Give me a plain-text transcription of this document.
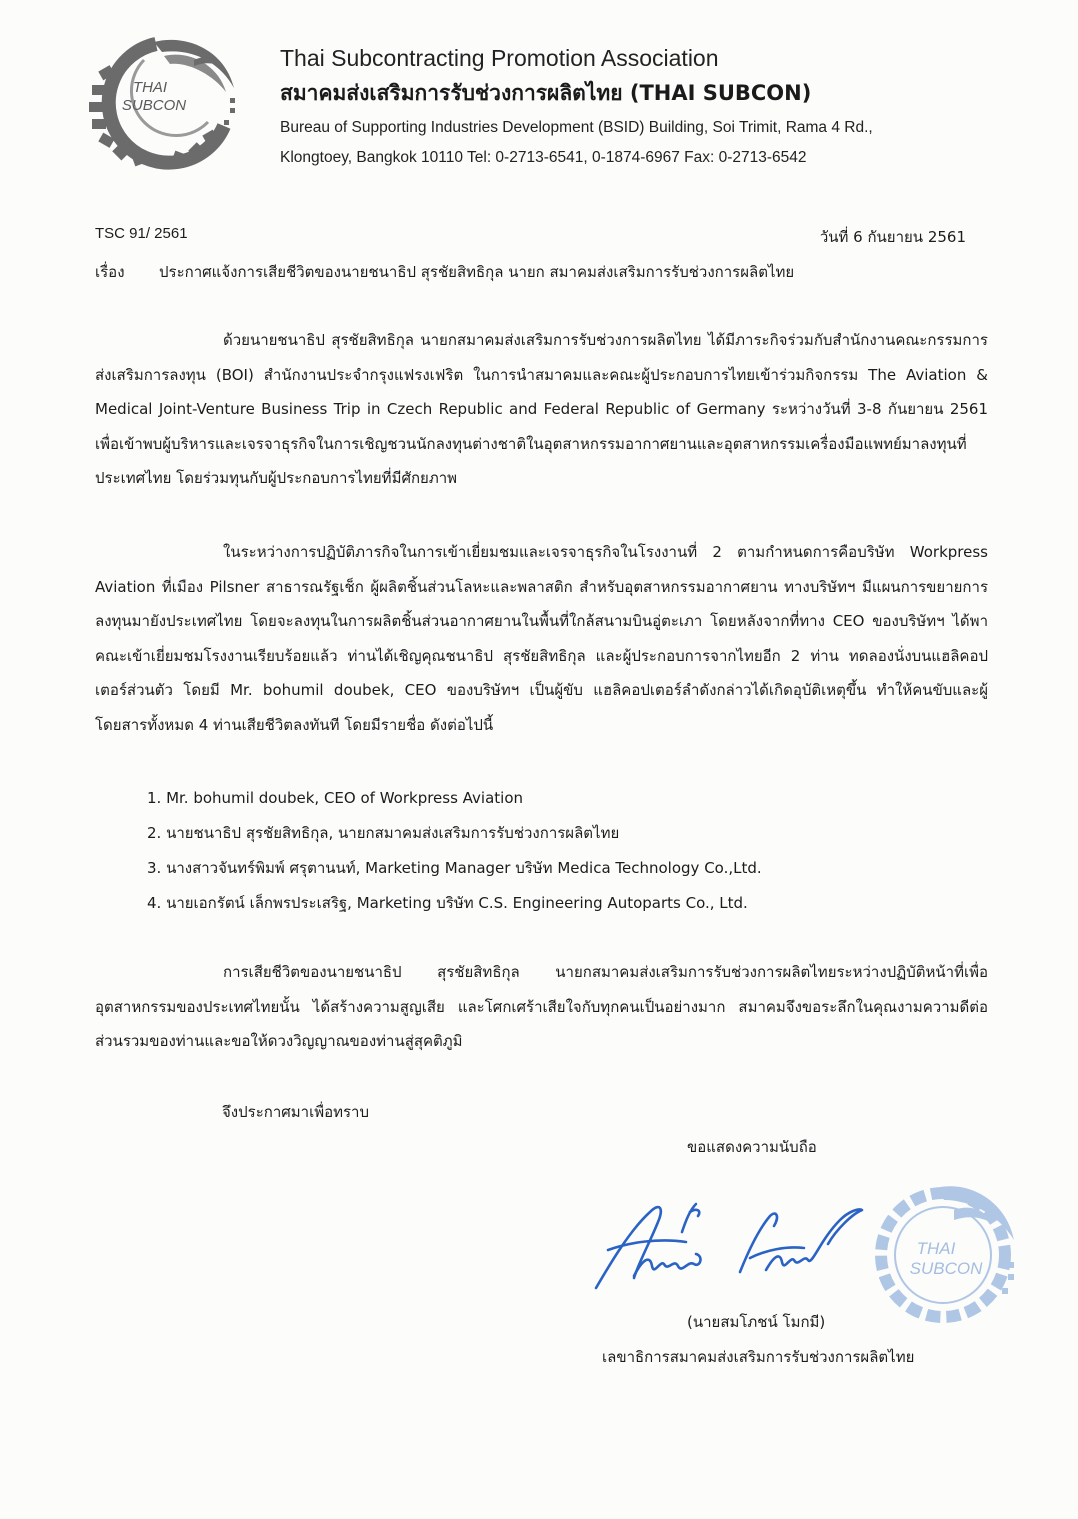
THAI
SUBCON
Thai Subcontracting Promotion Association
สมาคมส่งเสริมการรับช่วงการผลิตไทย (THAI SUBCON)
Bureau of Supporting Industries Development (BSID) Building, Soi Trimit, Rama 4 Rd.,
Klongtoey, Bangkok 10110 Tel: 0-2713-6541, 0-1874-6967 Fax: 0-2713-6542
TSC 91/ 2561	วันที่ 6 กันยายน 2561
เรื่อง	ประกาศแจ้งการเสียชีวิตของนายชนาธิป สุรชัยสิทธิกุล นายก สมาคมส่งเสริมการรับช่วงการผลิตไทย
ด้วยนายชนาธิป สุรชัยสิทธิกุล นายกสมาคมส่งเสริมการรับช่วงการผลิตไทย ได้มีภาระกิจร่วมกับสำนักงานคณะกรรมการส่งเสริมการลงทุน (BOI) สำนักงานประจำกรุงแฟรงเฟริต ในการนำสมาคมและคณะผู้ประกอบการไทยเข้าร่วมกิจกรรม The Aviation & Medical Joint-Venture Business Trip in Czech Republic and Federal Republic of Germany ระหว่างวันที่ 3-8 กันยายน 2561 เพื่อเข้าพบผู้บริหารและเจรจาธุรกิจในการเชิญชวนนักลงทุนต่างชาติในอุตสาหกรรมอากาศยานและอุตสาหกรรมเครื่องมือแพทย์มาลงทุนที่ประเทศไทย โดยร่วมทุนกับผู้ประกอบการไทยที่มีศักยภาพ
ในระหว่างการปฏิบัติภารกิจในการเข้าเยี่ยมชมและเจรจาธุรกิจในโรงงานที่ 2 ตามกำหนดการคือบริษัท Workpress Aviation ที่เมือง Pilsner สาธารณรัฐเช็ก ผู้ผลิตชิ้นส่วนโลหะและพลาสติก สำหรับอุตสาหกรรมอากาศยาน ทางบริษัทฯ มีแผนการขยายการลงทุนมายังประเทศไทย โดยจะลงทุนในการผลิตชิ้นส่วนอากาศยานในพื้นที่ใกล้สนามบินอู่ตะเภา โดยหลังจากที่ทาง CEO ของบริษัทฯ ได้พาคณะเข้าเยี่ยมชมโรงงานเรียบร้อยแล้ว ท่านได้เชิญคุณชนาธิป สุรชัยสิทธิกุล และผู้ประกอบการจากไทยอีก 2 ท่าน ทดลองนั่งบนแฮลิคอปเตอร์ส่วนตัว โดยมี Mr. bohumil doubek, CEO ของบริษัทฯ เป็นผู้ขับ แฮลิคอปเตอร์ลำดังกล่าวได้เกิดอุบัติเหตุขึ้น ทำให้คนขับและผู้โดยสารทั้งหมด 4 ท่านเสียชีวิตลงทันที โดยมีรายชื่อ ดังต่อไปนี้
1. Mr. bohumil doubek, CEO of Workpress Aviation
2. นายชนาธิป สุรชัยสิทธิกุล, นายกสมาคมส่งเสริมการรับช่วงการผลิตไทย
3. นางสาวจันทร์พิมพ์ ศรุตานนท์, Marketing Manager บริษัท Medica Technology Co.,Ltd.
4. นายเอกรัตน์ เล็กพรประเสริฐ, Marketing บริษัท C.S. Engineering Autoparts Co., Ltd.
การเสียชีวิตของนายชนาธิป สุรชัยสิทธิกุล นายกสมาคมส่งเสริมการรับช่วงการผลิตไทยระหว่างปฏิบัติหน้าที่เพื่ออุตสาหกรรมของประเทศไทยนั้น ได้สร้างความสูญเสีย และโศกเศร้าเสียใจกับทุกคนเป็นอย่างมาก สมาคมจึงขอระลึกในคุณงามความดีต่อส่วนรวมของท่านและขอให้ดวงวิญญาณของท่านสู่สุคติภูมิ
จึงประกาศมาเพื่อทราบ
ขอแสดงความนับถือ
THAI
SUBCON
(นายสมโภชน์ โมกมี)
เลขาธิการสมาคมส่งเสริมการรับช่วงการผลิตไทย
